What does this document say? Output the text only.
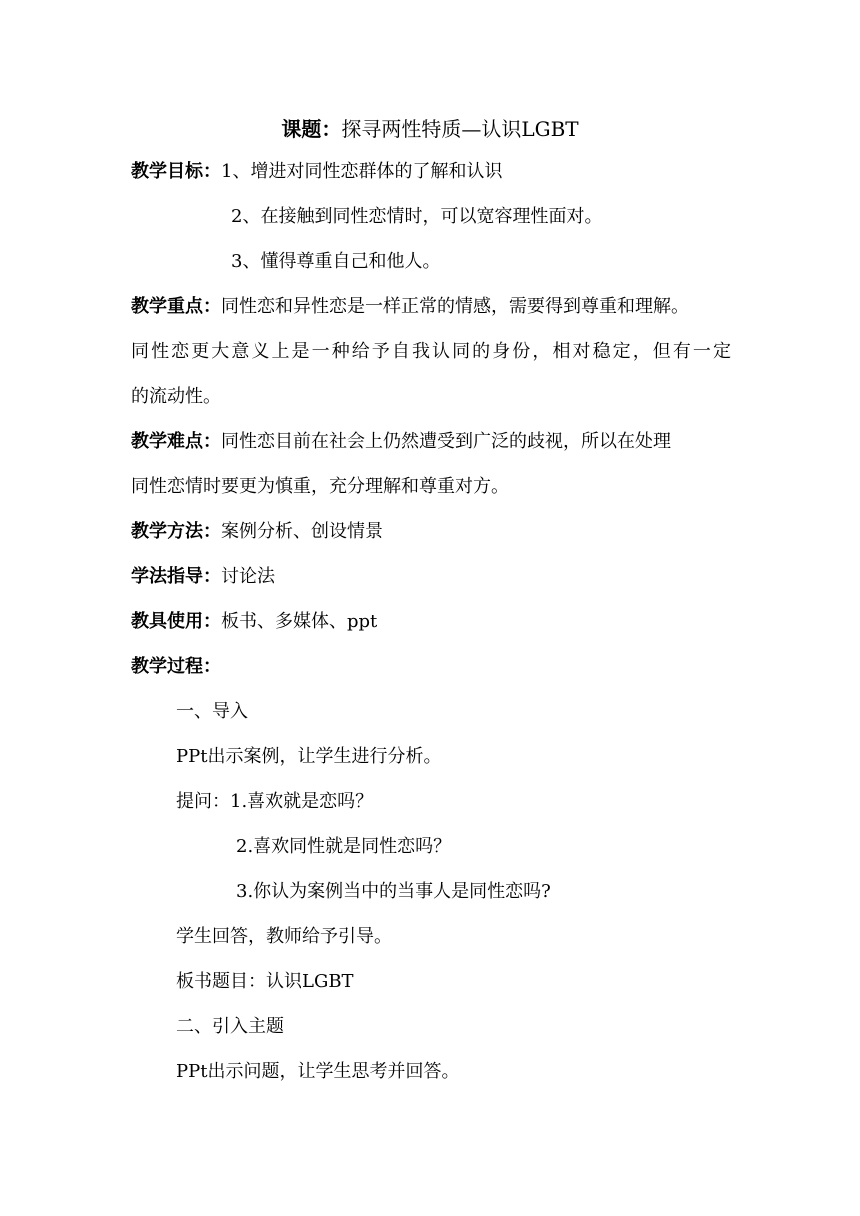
课题：探寻两性特质—认识LGBT
教学目标：1、增进对同性恋群体的了解和认识
2、在接触到同性恋情时，可以宽容理性面对。
3、懂得尊重自己和他人。
教学重点：同性恋和异性恋是一样正常的情感，需要得到尊重和理解。
同性恋更大意义上是一种给予自我认同的身份，相对稳定，但有一定
的流动性。
教学难点：同性恋目前在社会上仍然遭受到广泛的歧视，所以在处理
同性恋情时要更为慎重，充分理解和尊重对方。
教学方法：案例分析、创设情景
学法指导：讨论法
教具使用：板书、多媒体、ppt
教学过程：
一、导入
PPt出示案例，让学生进行分析。
提问：1.喜欢就是恋吗？
2.喜欢同性就是同性恋吗？
3.你认为案例当中的当事人是同性恋吗?
学生回答，教师给予引导。
板书题目：认识LGBT
二、引入主题
PPt出示问题，让学生思考并回答。
